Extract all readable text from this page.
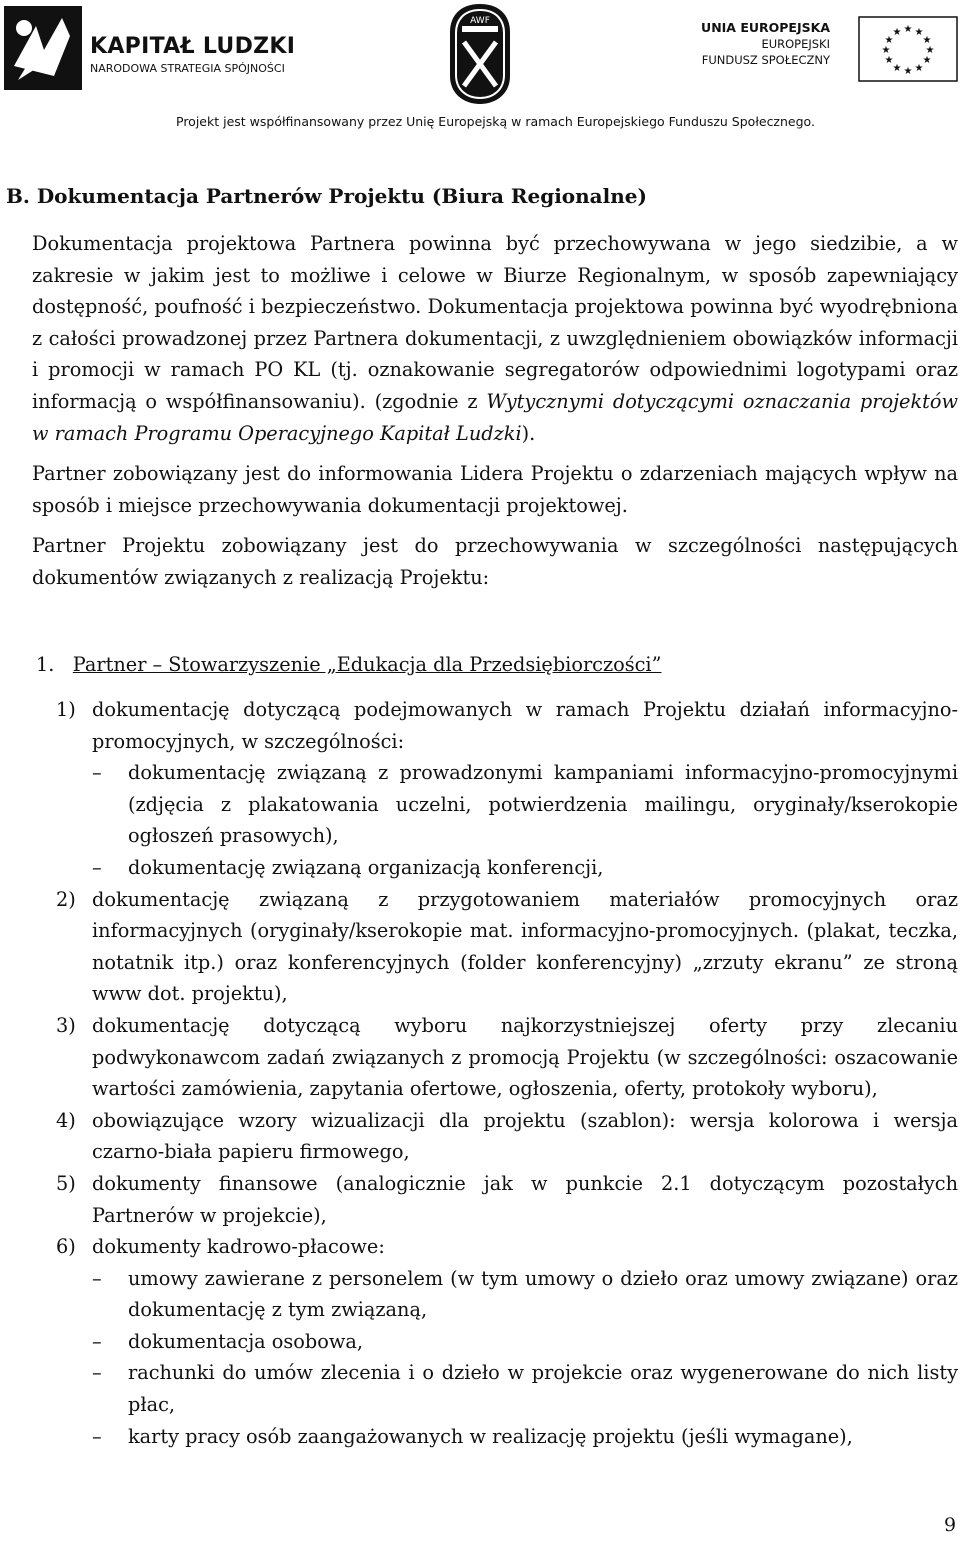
KAPITAŁ LUDZKI
NARODOWA STRATEGIA SPÓJNOŚCI
AWF	UNIA EUROPEJSKA
EUROPEJSKI
FUNDUSZ SPOŁECZNY
★ ★
★
★
★
★
★
★
★
★
★
★
Projekt jest współfinansowany przez Unię Europejską w ramach Europejskiego Funduszu Społecznego.
B. Dokumentacja Partnerów Projektu (Biura Regionalne)

Dokumentacja projektowa Partnera powinna być przechowywana w jego siedzibie, a w zakresie w jakim jest to możliwe i celowe w Biurze Regionalnym, w sposób zapewniający dostępność, poufność i bezpieczeństwo. Dokumentacja projektowa powinna być wyodrębniona z całości prowadzonej przez Partnera dokumentacji, z uwzględnieniem obowiązków informacji i promocji w ramach PO KL (tj. oznakowanie segregatorów odpowiednimi logotypami oraz informacją o współfinansowaniu). (zgodnie z Wytycznymi dotyczącymi oznaczania projektów w ramach Programu Operacyjnego Kapitał Ludzki).

Partner zobowiązany jest do informowania Lidera Projektu o zdarzeniach mających wpływ na sposób i miejsce przechowywania dokumentacji projektowej.

Partner Projektu zobowiązany jest do przechowywania w szczególności następujących dokumentów związanych z realizacją Projektu:

1. Partner – Stowarzyszenie „Edukacja dla Przedsiębiorczości”
1) dokumentację dotyczącą podejmowanych w ramach Projektu działań informacyjno-promocyjnych, w szczególności:
– dokumentację związaną z prowadzonymi kampaniami informacyjno-promocyjnymi (zdjęcia z plakatowania uczelni, potwierdzenia mailingu, oryginały/kserokopie ogłoszeń prasowych),
– dokumentację związaną organizacją konferencji,
2) dokumentację związaną z przygotowaniem materiałów promocyjnych oraz informacyjnych (oryginały/kserokopie mat. informacyjno-promocyjnych. (plakat, teczka, notatnik itp.) oraz konferencyjnych (folder konferencyjny) „zrzuty ekranu” ze stroną www dot. projektu),
3) dokumentację dotyczącą wyboru najkorzystniejszej oferty przy zlecaniu podwykonawcom zadań związanych z promocją Projektu (w szczególności: oszacowanie wartości zamówienia, zapytania ofertowe, ogłoszenia, oferty, protokoły wyboru),
4) obowiązujące wzory wizualizacji dla projektu (szablon): wersja kolorowa i wersja czarno-biała papieru firmowego,
5) dokumenty finansowe (analogicznie jak w punkcie 2.1 dotyczącym pozostałych Partnerów w projekcie),
6) dokumenty kadrowo-płacowe:
– umowy zawierane z personelem (w tym umowy o dzieło oraz umowy związane) oraz dokumentację z tym związaną,
– dokumentacja osobowa,
– rachunki do umów zlecenia i o dzieło w projekcie oraz wygenerowane do nich listy płac,
– karty pracy osób zaangażowanych w realizację projektu (jeśli wymagane),
9
